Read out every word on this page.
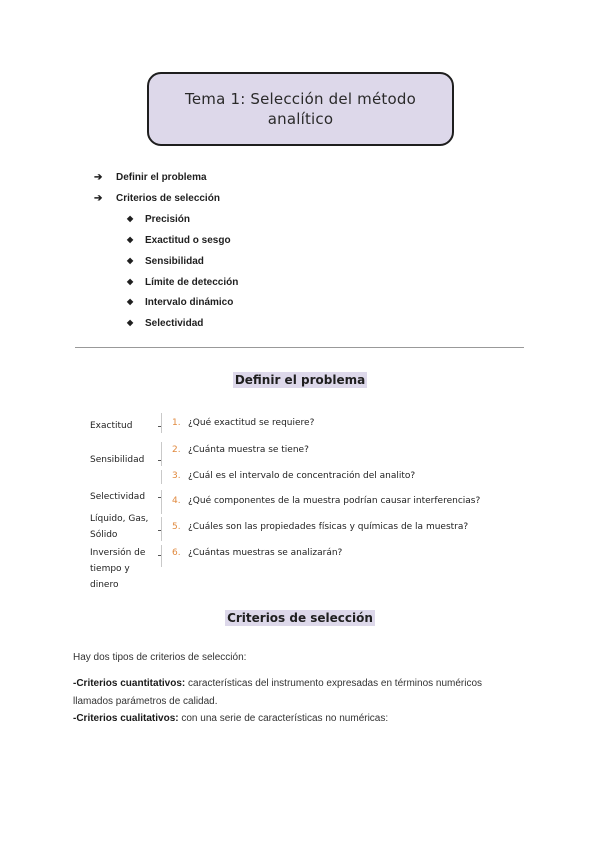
Tema 1: Selección del método
analítico
➔ Definir el problema
➔ Criterios de selección
◆ Precisión
◆ Exactitud o sesgo
◆ Sensibilidad
◆ Límite de detección
◆ Intervalo dinámico
◆ Selectividad
Definir el problema
Exactitud
Sensibilidad
Selectividad
Líquido, Gas,
Sólido
Inversión de
tiempo y
dinero
1. ¿Qué exactitud se requiere?
2. ¿Cuánta muestra se tiene?
3. ¿Cuál es el intervalo de concentración del analito?
4. ¿Qué componentes de la muestra podrían causar interferencias?
5. ¿Cuáles son las propiedades físicas y químicas de la muestra?
6. ¿Cuántas muestras se analizarán?
Criterios de selección
Hay dos tipos de criterios de selección:
-Criterios cuantitativos: características del instrumento expresadas en términos numéricos
llamados parámetros de calidad.
-Criterios cualitativos: con una serie de características no numéricas:
